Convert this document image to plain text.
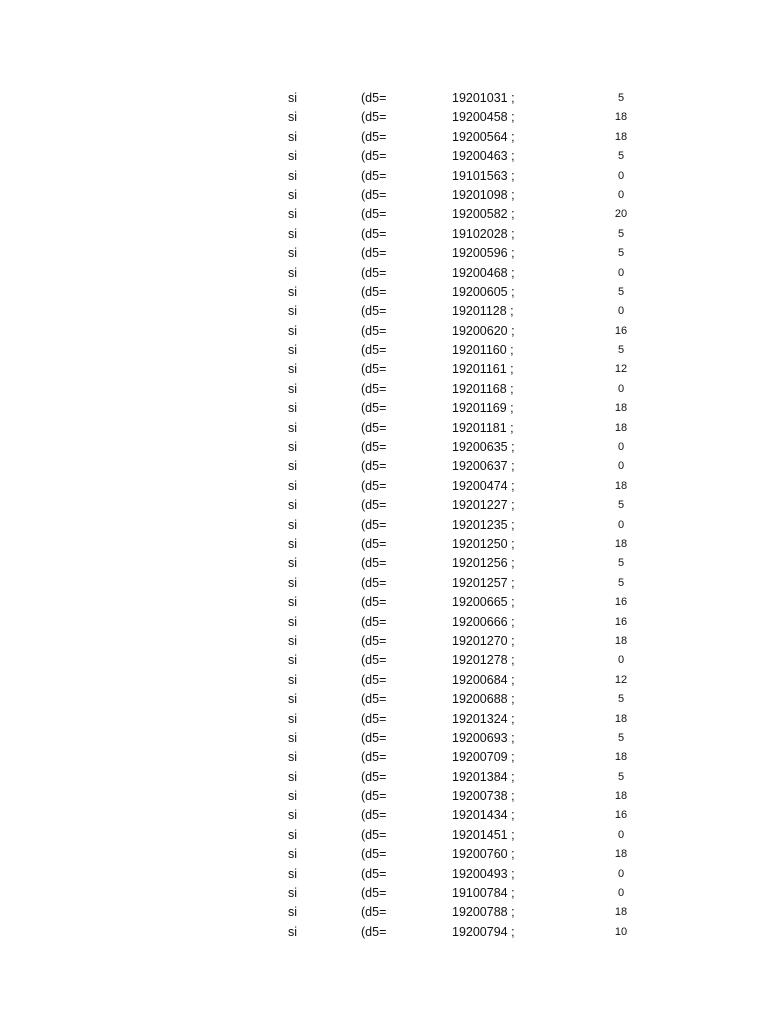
si	(d5=	19201031 ;	5
si	(d5=	19200458 ;	18
si	(d5=	19200564 ;	18
si	(d5=	19200463 ;	5
si	(d5=	19101563 ;	0
si	(d5=	19201098 ;	0
si	(d5=	19200582 ;	20
si	(d5=	19102028 ;	5
si	(d5=	19200596 ;	5
si	(d5=	19200468 ;	0
si	(d5=	19200605 ;	5
si	(d5=	19201128 ;	0
si	(d5=	19200620 ;	16
si	(d5=	19201160 ;	5
si	(d5=	19201161 ;	12
si	(d5=	19201168 ;	0
si	(d5=	19201169 ;	18
si	(d5=	19201181 ;	18
si	(d5=	19200635 ;	0
si	(d5=	19200637 ;	0
si	(d5=	19200474 ;	18
si	(d5=	19201227 ;	5
si	(d5=	19201235 ;	0
si	(d5=	19201250 ;	18
si	(d5=	19201256 ;	5
si	(d5=	19201257 ;	5
si	(d5=	19200665 ;	16
si	(d5=	19200666 ;	16
si	(d5=	19201270 ;	18
si	(d5=	19201278 ;	0
si	(d5=	19200684 ;	12
si	(d5=	19200688 ;	5
si	(d5=	19201324 ;	18
si	(d5=	19200693 ;	5
si	(d5=	19200709 ;	18
si	(d5=	19201384 ;	5
si	(d5=	19200738 ;	18
si	(d5=	19201434 ;	16
si	(d5=	19201451 ;	0
si	(d5=	19200760 ;	18
si	(d5=	19200493 ;	0
si	(d5=	19100784 ;	0
si	(d5=	19200788 ;	18
si	(d5=	19200794 ;	10
